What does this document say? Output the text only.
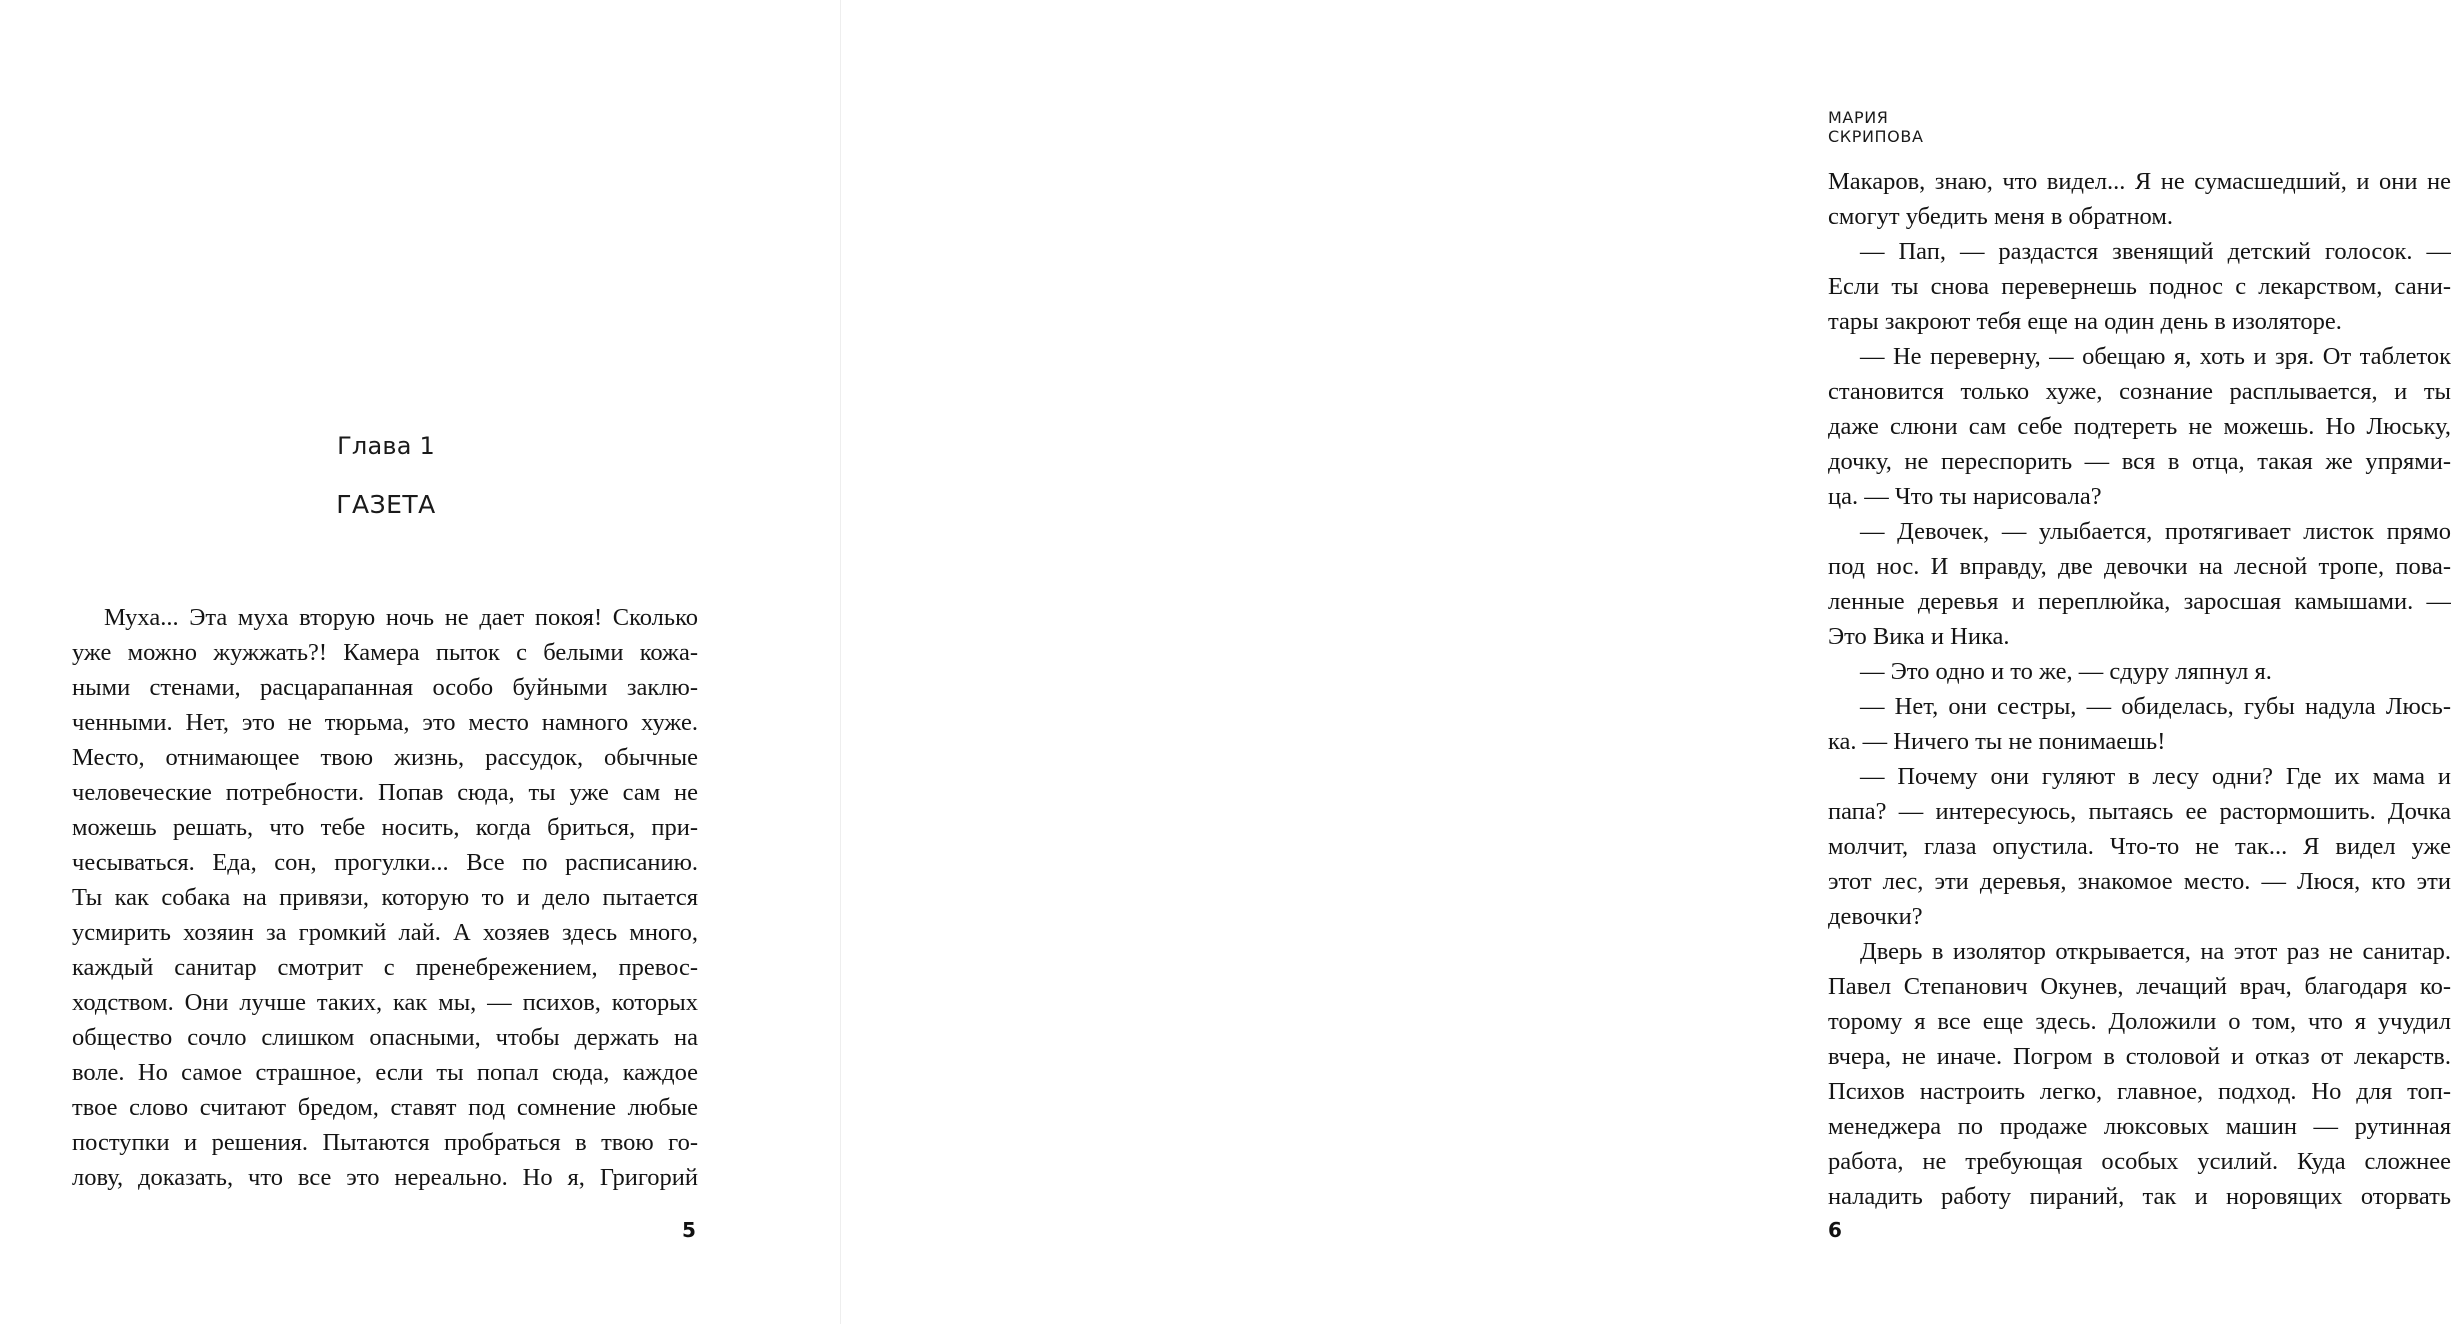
Глава 1
ГАЗЕТА
Муха... Эта муха вторую ночь не дает покоя! Сколько
уже можно жужжать?! Камера пыток с белыми кожа-
ными стенами, расцарапанная особо буйными заклю-
ченными. Нет, это не тюрьма, это место намного хуже.
Место, отнимающее твою жизнь, рассудок, обычные
человеческие потребности. Попав сюда, ты уже сам не
можешь решать, что тебе носить, когда бриться, при-
чесываться. Еда, сон, прогулки... Все по расписанию.
Ты как собака на привязи, которую то и дело пытается
усмирить хозяин за громкий лай. А хозяев здесь много,
каждый санитар смотрит с пренебрежением, превос-
ходством. Они лучше таких, как мы, — психов, которых
общество сочло слишком опасными, чтобы держать на
воле. Но самое страшное, если ты попал сюда, каждое
твое слово считают бредом, ставят под сомнение любые
поступки и решения. Пытаются пробраться в твою го-
лову, доказать, что все это нереально. Но я, Григорий
5
МАРИЯ СКРИПОВА
Макаров, знаю, что видел... Я не сумасшедший, и они не
смогут убедить меня в обратном.
— Пап, — раздастся звенящий детский голосок. —
Если ты снова перевернешь поднос с лекарством, сани-
тары закроют тебя еще на один день в изоляторе.
— Не переверну, — обещаю я, хоть и зря. От таблеток
становится только хуже, сознание расплывается, и ты
даже слюни сам себе подтереть не можешь. Но Люську,
дочку, не переспорить — вся в отца, такая же упрями-
ца. — Что ты нарисовала?
— Девочек, — улыбается, протягивает листок прямо
под нос. И вправду, две девочки на лесной тропе, пова-
ленные деревья и переплюйка, заросшая камышами. —
Это Вика и Ника.
— Это одно и то же, — сдуру ляпнул я.
— Нет, они сестры, — обиделась, губы надула Люсь-
ка. — Ничего ты не понимаешь!
— Почему они гуляют в лесу одни? Где их мама и
папа? — интересуюсь, пытаясь ее растормошить. Дочка
молчит, глаза опустила. Что-то не так... Я видел уже
этот лес, эти деревья, знакомое место. — Люся, кто эти
девочки?
Дверь в изолятор открывается, на этот раз не санитар.
Павел Степанович Окунев, лечащий врач, благодаря ко-
торому я все еще здесь. Доложили о том, что я учудил
вчера, не иначе. Погром в столовой и отказ от лекарств.
Психов настроить легко, главное, подход. Но для топ-
менеджера по продаже люксовых машин — рутинная
работа, не требующая особых усилий. Куда сложнее
наладить работу пираний, так и норовящих оторвать
6
